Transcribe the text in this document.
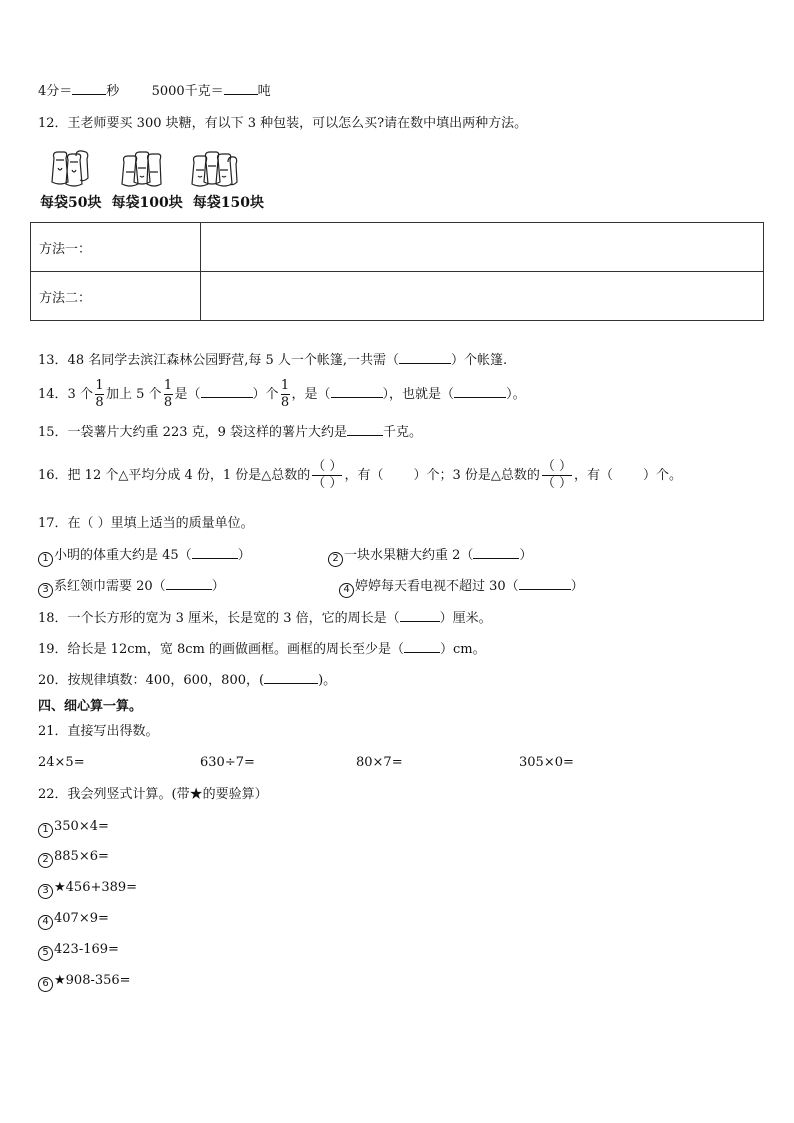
4分＝	秒 5000千克＝	吨
12．王老师要买 300 块糖，有以下 3 种包装，可以怎么买?请在数中填出两种方法。
每袋50块 每袋100块 每袋150块
方法一：	
方法二：	
13．48 名同学去滨江森林公园野营,每 5 人一个帐篷,一共需（	）个帐篷.
14．3 个 $\frac{1}{8}$ 加上 5 个 $\frac{1}{8}$ 是（	）个 $\frac{1}{8}$ ，是（	），也就是（	）。
15．一袋薯片大约重 223 克，9 袋这样的薯片大约是	千克。
16．把 12 个△平均分成 4 份，1 份是△总数的 $\frac{( )}{( )}$ ，有（ ）个；3 份是△总数的 $\frac{( )}{( )}$ ，有（ ）个。
17．在（ ）里填上适当的质量单位。
1 小明的体重大约是 45（	）	2 一块水果糖大约重 2（	）
3 系红领巾需要 20（	）	4 婷婷每天看电视不超过 30（	）
18．一个长方形的宽为 3 厘米，长是宽的 3 倍，它的周长是（	）厘米。
19．给长是 12cm，宽 8cm 的画做画框。画框的周长至少是（	）cm。
20．按规律填数：400，600，800，(	)。
四、细心算一算。
21．直接写出得数。
24×5=	630÷7=	80×7=	305×0=
22．我会列竖式计算。(带★的要验算）
1 350×4=
2 885×6=
3 ★456+389=
4 407×9=
5 423-169=
6 ★908-356=
